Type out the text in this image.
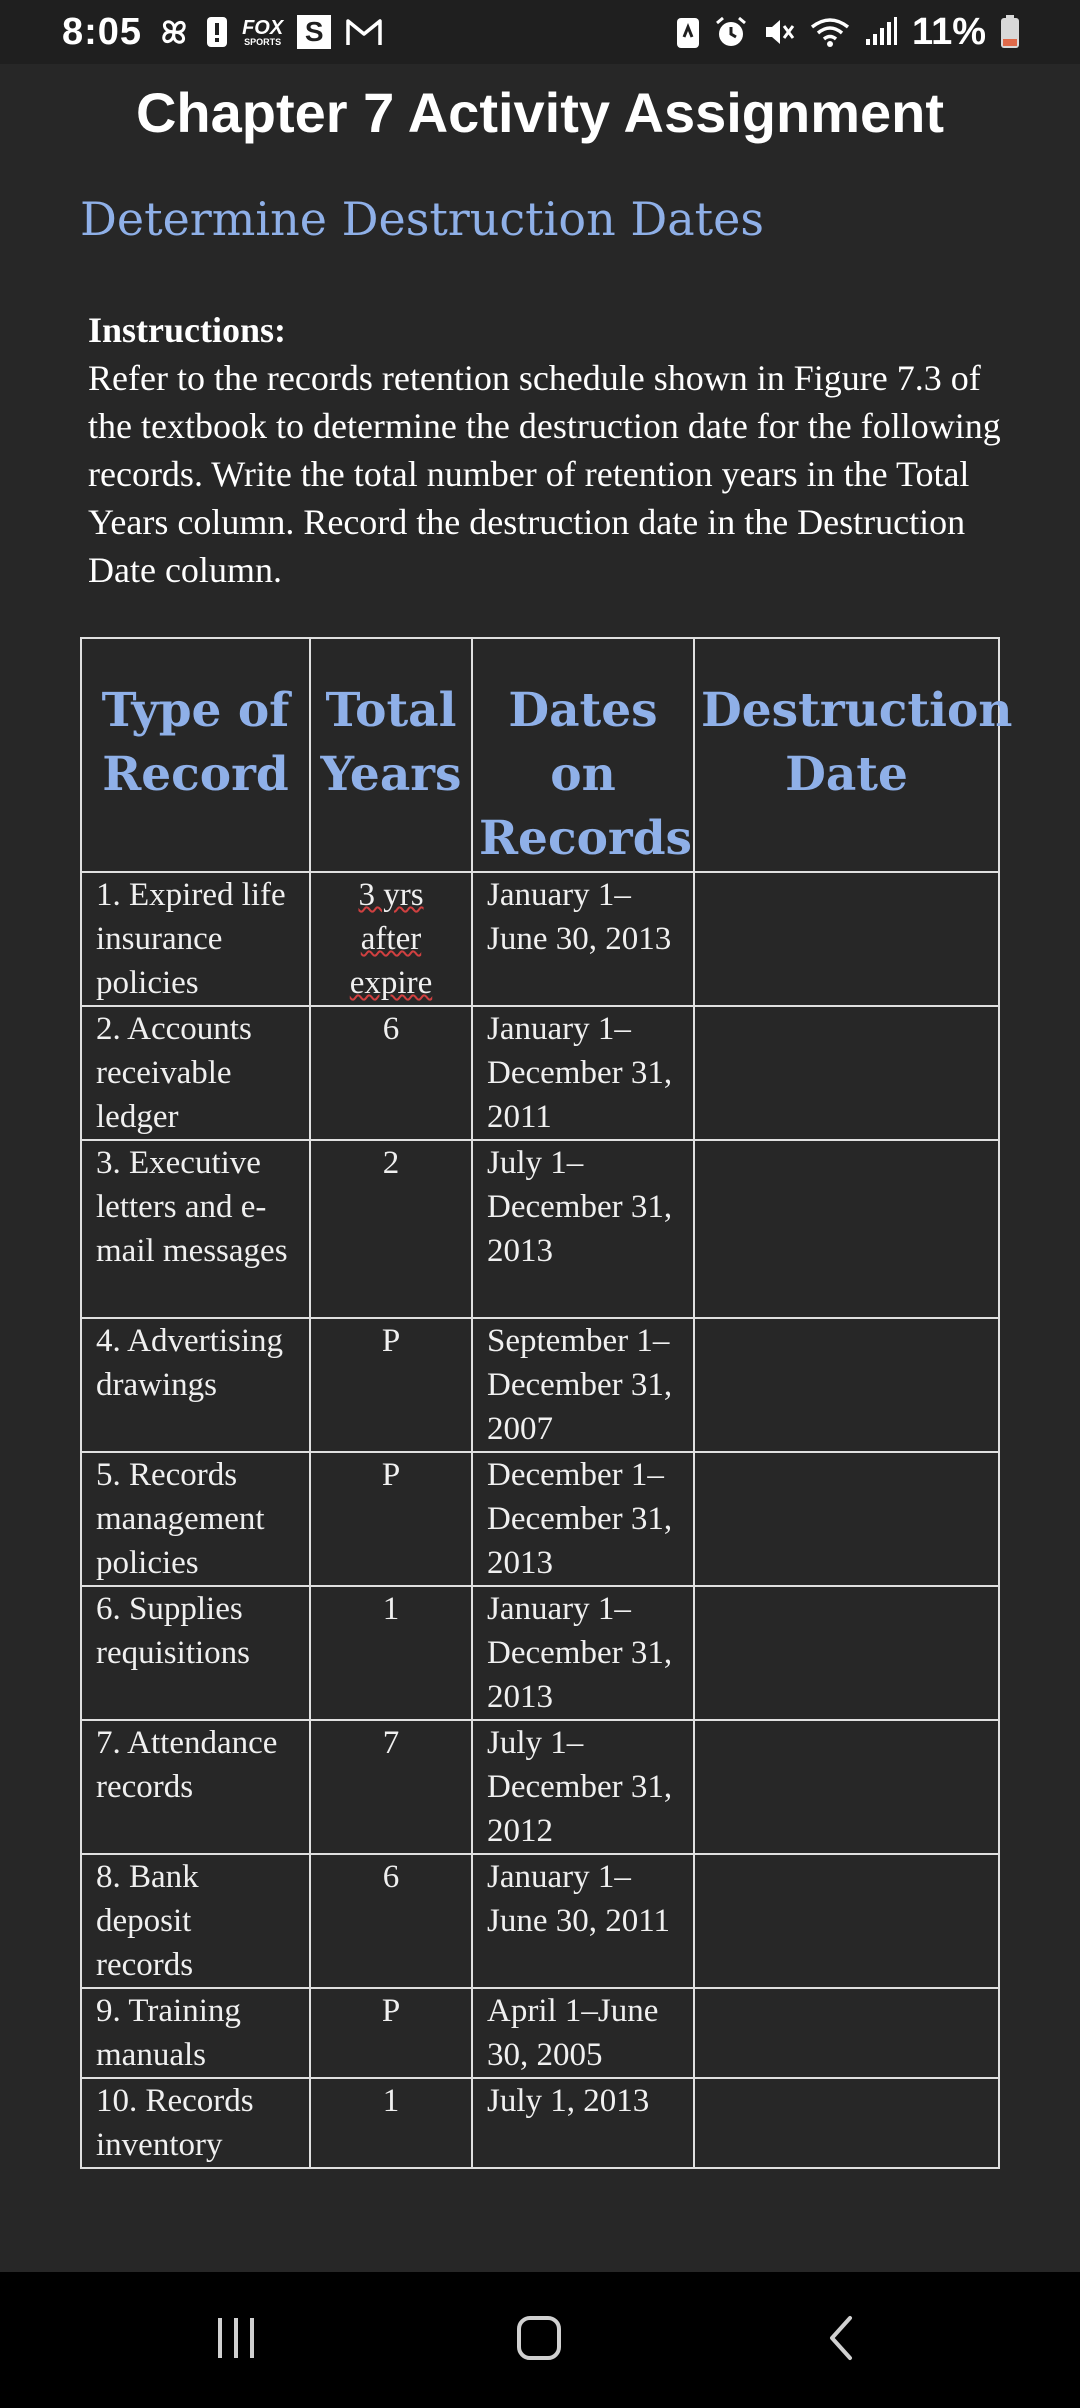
8:05	FOX
SPORTS S	11%
Chapter 7 Activity Assignment
Determine Destruction Dates
Instructions:
Refer to the records retention schedule shown in Figure 7.3 of the textbook to determine the destruction date for the following records. Write the total number of retention years in the Total Years column. Record the destruction date in the Destruction Date column.
Type of Record	Total Years	Dates on Records	Destruction Date
1. Expired life insurance policies	3 yrs after expire	January 1–June 30, 2013	
2. Accounts receivable ledger	6	January 1–December 31, 2011	
3. Executive letters and e-mail messages	2	July 1–December 31, 2013	
4. Advertising drawings	P	September 1–December 31, 2007	
5. Records management policies	P	December 1–December 31, 2013	
6. Supplies requisitions	1	January 1–December 31, 2013	
7. Attendance records	7	July 1–December 31, 2012	
8. Bank deposit records	6	January 1–June 30, 2011	
9. Training manuals	P	April 1–June 30, 2005	
10. Records inventory	1	July 1, 2013	
